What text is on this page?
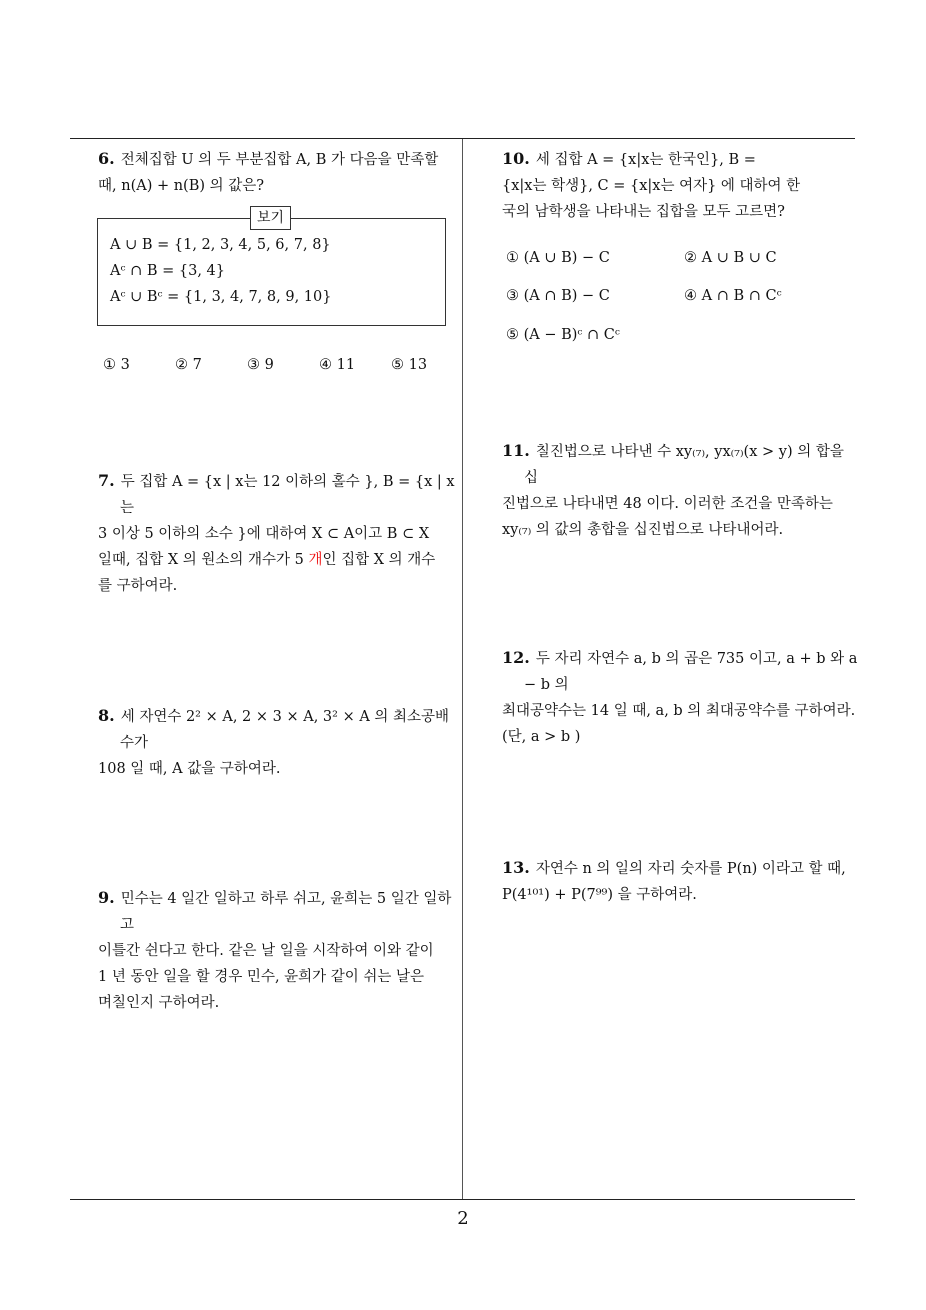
6. 전체집합 U 의 두 부분집합 A, B 가 다음을 만족할

때, n(A) + n(B) 의 값은?
보기
A ∪ B = {1, 2, 3, 4, 5, 6, 7, 8}
Aᶜ ∩ B = {3, 4}
Aᶜ ∪ Bᶜ = {1, 3, 4, 7, 8, 9, 10}
① 3	② 7	③ 9	④ 11	⑤ 13

7. 두 집합 A = {x | x는 12 이하의 홀수 }, B = {x | x는

3 이상 5 이하의 소수 }에 대하여 X ⊂ A이고 B ⊂ X
일때, 집합 X 의 원소의 개수가 5 개인 집합 X 의 개수
를 구하여라.

8. 세 자연수 2² × A, 2 × 3 × A, 3² × A 의 최소공배수가

108 일 때, A 값을 구하여라.

9. 민수는 4 일간 일하고 하루 쉬고, 윤희는 5 일간 일하고

이틀간 쉰다고 한다. 같은 날 일을 시작하여 이와 같이
1 년 동안 일을 할 경우 민수, 윤희가 같이 쉬는 날은
며칠인지 구하여라.

10. 세 집합 A = {x|x는 한국인}, B =

{x|x는 학생}, C = {x|x는 여자} 에 대하여 한
국의 남학생을 나타내는 집합을 모두 고르면?
① (A ∪ B) − C	② A ∪ B ∪ C
③ (A ∩ B) − C	④ A ∩ B ∩ Cᶜ
⑤ (A − B)ᶜ ∩ Cᶜ

11. 칠진법으로 나타낸 수 xy₍₇₎, yx₍₇₎(x > y) 의 합을 십

진법으로 나타내면 48 이다. 이러한 조건을 만족하는
xy₍₇₎ 의 값의 총합을 십진법으로 나타내어라.

12. 두 자리 자연수 a, b 의 곱은 735 이고, a + b 와 a − b 의

최대공약수는 14 일 때, a, b 의 최대공약수를 구하여라.
(단, a > b )

13. 자연수 n 의 일의 자리 숫자를 P(n) 이라고 할 때,

P(4¹⁰¹) + P(7⁹⁹) 을 구하여라.
2
